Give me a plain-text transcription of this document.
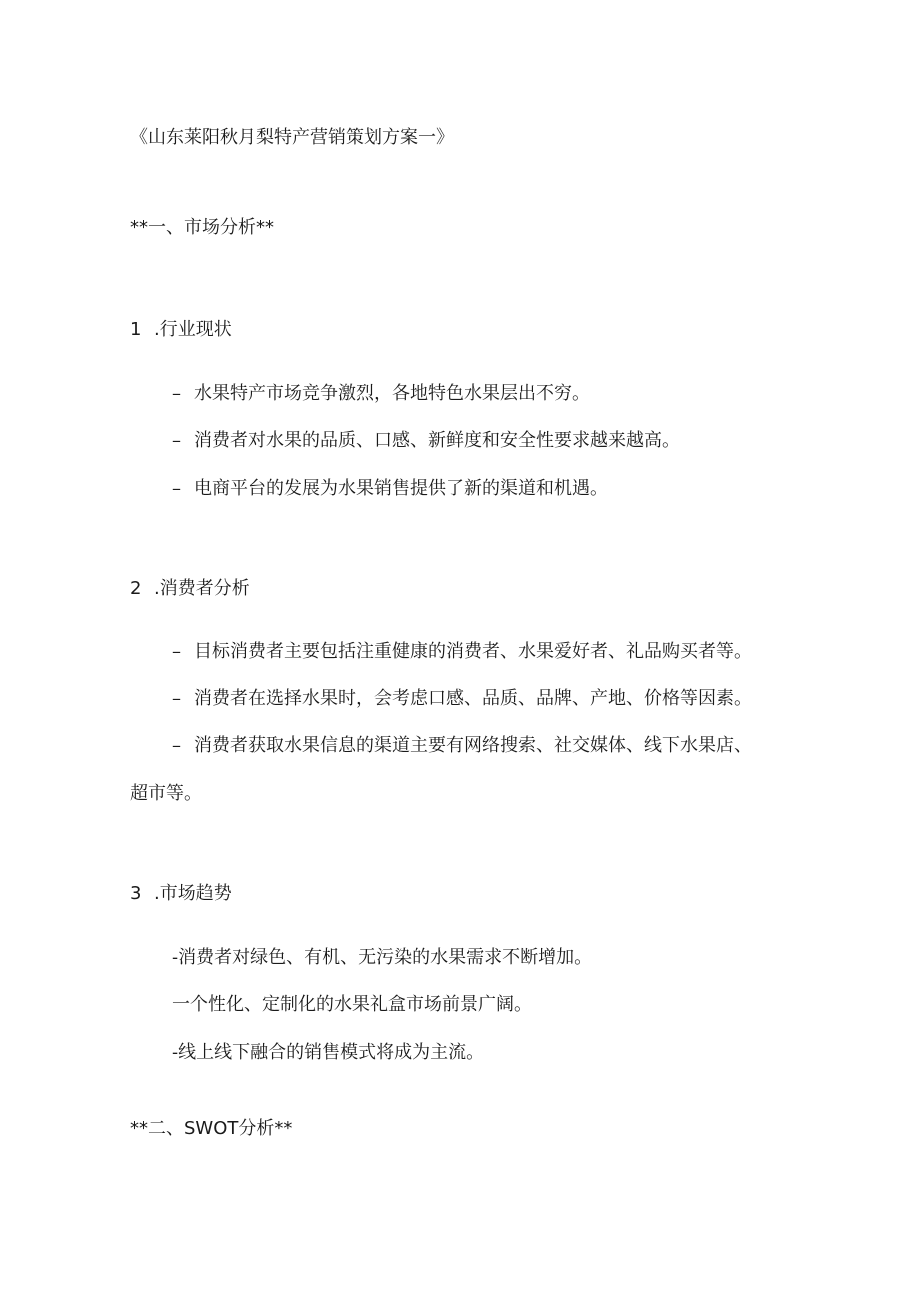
《山东莱阳秋月梨特产营销策划方案一》
**一、市场分析**
1 .行业现状
– 水果特产市场竞争激烈，各地特色水果层出不穷。
– 消费者对水果的品质、口感、新鲜度和安全性要求越来越高。
– 电商平台的发展为水果销售提供了新的渠道和机遇。
2 .消费者分析
– 目标消费者主要包括注重健康的消费者、水果爱好者、礼品购买者等。
– 消费者在选择水果时，会考虑口感、品质、品牌、产地、价格等因素。
– 消费者获取水果信息的渠道主要有网络搜索、社交媒体、线下水果店、
超市等。
3 .市场趋势
-消费者对绿色、有机、无污染的水果需求不断增加。
一个性化、定制化的水果礼盒市场前景广阔。
-线上线下融合的销售模式将成为主流。
**二、SWOT分析**
